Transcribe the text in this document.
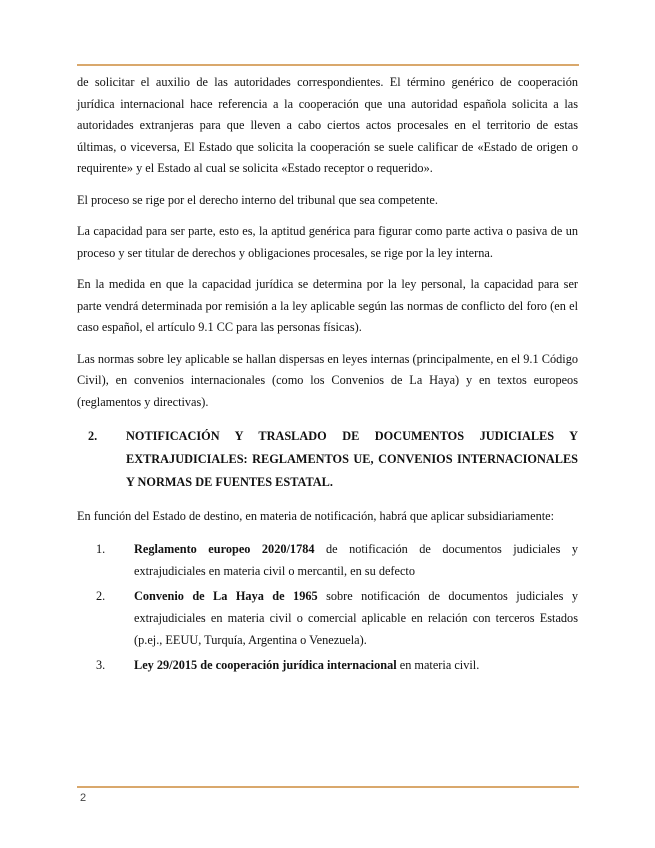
de solicitar el auxilio de las autoridades correspondientes. El término genérico de cooperación jurídica internacional hace referencia a la cooperación que una autoridad española solicita a las autoridades extranjeras para que lleven a cabo ciertos actos procesales en el territorio de estas últimas, o viceversa, El Estado que solicita la cooperación se suele calificar de «Estado de origen o requirente» y el Estado al cual se solicita «Estado receptor o requerido».

El proceso se rige por el derecho interno del tribunal que sea competente.

La capacidad para ser parte, esto es, la aptitud genérica para figurar como parte activa o pasiva de un proceso y ser titular de derechos y obligaciones procesales, se rige por la ley interna.

En la medida en que la capacidad jurídica se determina por la ley personal, la capacidad para ser parte vendrá determinada por remisión a la ley aplicable según las normas de conflicto del foro (en el caso español, el artículo 9.1 CC para las personas físicas).

Las normas sobre ley aplicable se hallan dispersas en leyes internas (principalmente, en el 9.1 Código Civil), en convenios internacionales (como los Convenios de La Haya) y en textos europeos (reglamentos y directivas).

2.	NOTIFICACIÓN Y TRASLADO DE DOCUMENTOS JUDICIALES Y EXTRAJUDICIALES: REGLAMENTOS UE, CONVENIOS INTERNACIONALES Y NORMAS DE FUENTES ESTATAL.

En función del Estado de destino, en materia de notificación, habrá que aplicar subsidiariamente:

1.	Reglamento europeo 2020/1784 de notificación de documentos judiciales y extrajudiciales en materia civil o mercantil, en su defecto
2.	Convenio de La Haya de 1965 sobre notificación de documentos judiciales y extrajudiciales en materia civil o comercial aplicable en relación con terceros Estados (p.ej., EEUU, Turquía, Argentina o Venezuela).
3.	Ley 29/2015 de cooperación jurídica internacional en materia civil.
2
